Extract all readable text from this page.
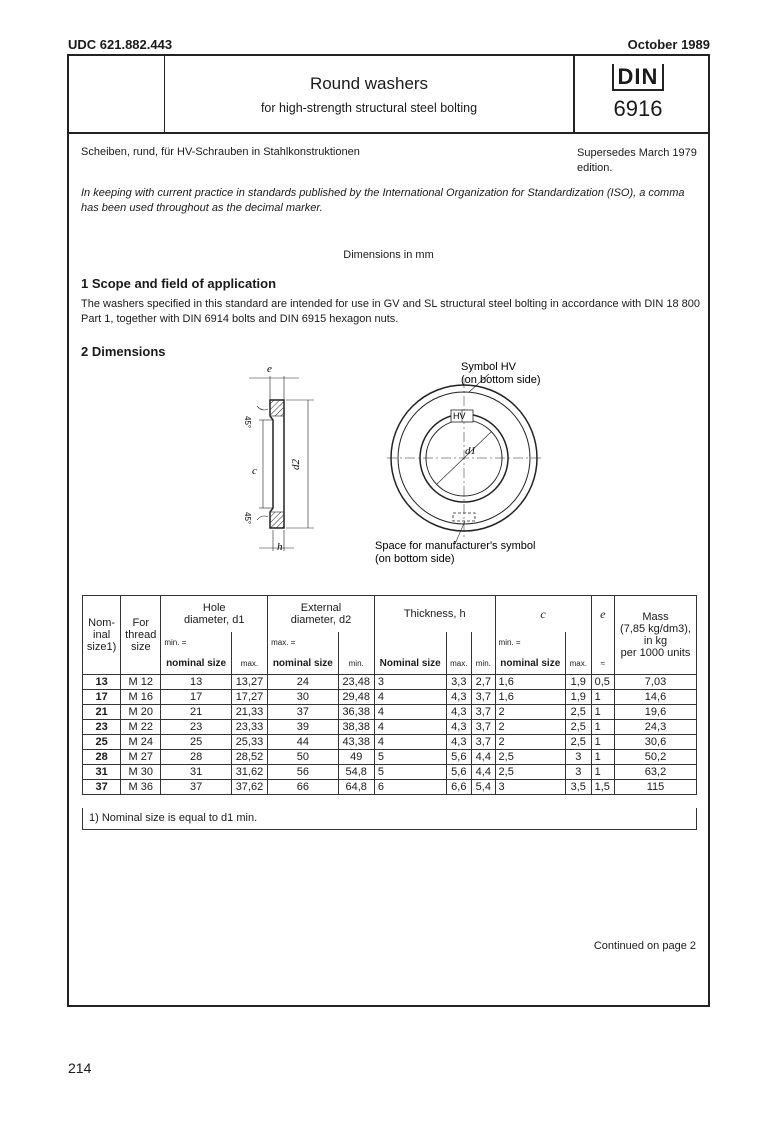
UDC 621.882.443	October 1989
Round washers
for high-strength structural steel bolting
DIN
6916
Scheiben, rund, für HV-Schrauben in Stahlkonstruktionen	Supersedes March 1979 edition.
In keeping with current practice in standards published by the International Organization for Standardization (ISO), a comma has been used throughout as the decimal marker.
Dimensions in mm
1 Scope and field of application
The washers specified in this standard are intended for use in GV and SL structural steel bolting in accordance with DIN 18 800 Part 1, together with DIN 6914 bolts and DIN 6915 hexagon nuts.
2 Dimensions
e
c
h
d2
d1
45°
45°
HV
Symbol HV
(on bottom side)
Space for manufacturer's symbol
(on bottom side)
Nom-
inal
size1)	For
thread
size	Hole
diameter, d1		External
diameter, d2		Thickness, h			c		e	Mass
(7,85 kg/dm3),
in kg
per 1000 units
		min. =		max. =					min. =			
		nominal size	max.	nominal size	min.	Nominal size	max.	min.	nominal size	max.	≈	
13	M 12	13	13,27	24	23,48	3	3,3	2,7	1,6	1,9	0,5	7,03
17	M 16	17	17,27	30	29,48	4	4,3	3,7	1,6	1,9	1	14,6
21	M 20	21	21,33	37	36,38	4	4,3	3,7	2	2,5	1	19,6
23	M 22	23	23,33	39	38,38	4	4,3	3,7	2	2,5	1	24,3
25	M 24	25	25,33	44	43,38	4	4,3	3,7	2	2,5	1	30,6
28	M 27	28	28,52	50	49	5	5,6	4,4	2,5	3	1	50,2
31	M 30	31	31,62	56	54,8	5	5,6	4,4	2,5	3	1	63,2
37	M 36	37	37,62	66	64,8	6	6,6	5,4	3	3,5	1,5	115
1) Nominal size is equal to d1 min.
Continued on page 2
214
